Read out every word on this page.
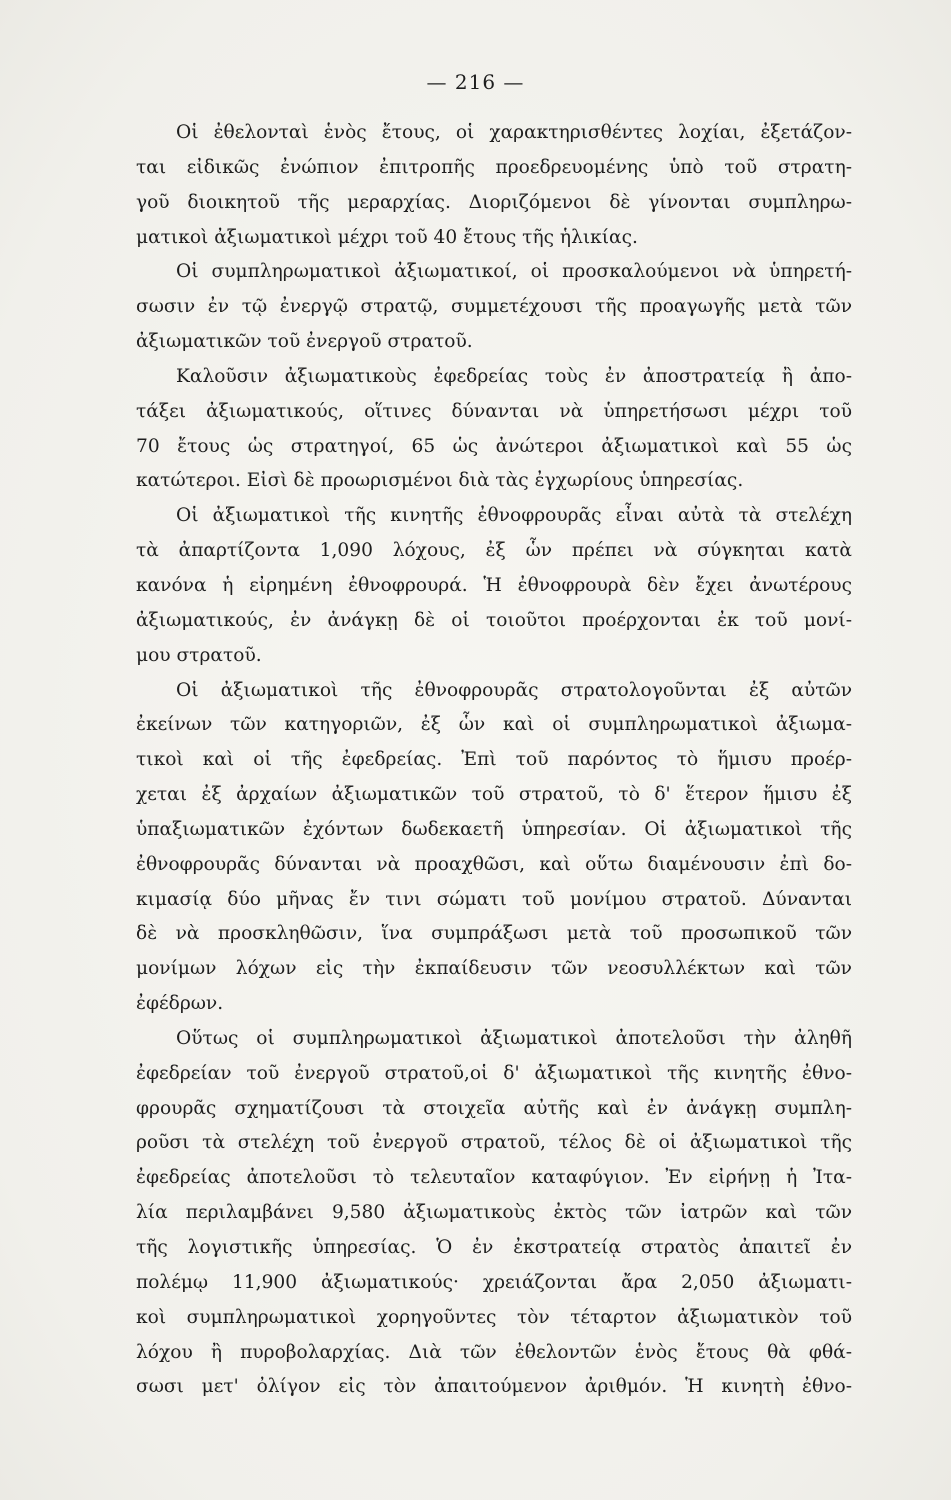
— 216 —
Οἱ ἐθελονταὶ ἑνὸς ἔτους, οἱ χαρακτηρισθέντες λοχίαι, ἐξετάζον-
ται εἰδικῶς ἐνώπιον ἐπιτροπῆς προεδρευομένης ὑπὸ τοῦ στρατη-
γοῦ διοικητοῦ τῆς μεραρχίας. Διοριζόμενοι δὲ γίνονται συμπληρω-
ματικοὶ ἀξιωματικοὶ μέχρι τοῦ 40 ἔτους τῆς ἡλικίας.
Οἱ συμπληρωματικοὶ ἀξιωματικοί, οἱ προσκαλούμενοι νὰ ὑπηρετή-
σωσιν ἐν τῷ ἐνεργῷ στρατῷ, συμμετέχουσι τῆς προαγωγῆς μετὰ τῶν
ἀξιωματικῶν τοῦ ἐνεργοῦ στρατοῦ.
Καλοῦσιν ἀξιωματικοὺς ἐφεδρείας τοὺς ἐν ἀποστρατείᾳ ἢ ἀπο-
τάξει ἀξιωματικούς, οἵτινες δύνανται νὰ ὑπηρετήσωσι μέχρι τοῦ
70 ἔτους ὡς στρατηγοί, 65 ὡς ἀνώτεροι ἀξιωματικοὶ καὶ 55 ὡς
κατώτεροι. Εἰσὶ δὲ προωρισμένοι διὰ τὰς ἐγχωρίους ὑπηρεσίας.
Οἱ ἀξιωματικοὶ τῆς κινητῆς ἐθνοφρουρᾶς εἶναι αὐτὰ τὰ στελέχη
τὰ ἀπαρτίζοντα 1,090 λόχους, ἐξ ὧν πρέπει νὰ σύγκηται κατὰ
κανόνα ἡ εἰρημένη ἐθνοφρουρά. Ἡ ἐθνοφρουρὰ δὲν ἔχει ἀνωτέρους
ἀξιωματικούς, ἐν ἀνάγκῃ δὲ οἱ τοιοῦτοι προέρχονται ἐκ τοῦ μονί-
μου στρατοῦ.
Οἱ ἀξιωματικοὶ τῆς ἐθνοφρουρᾶς στρατολογοῦνται ἐξ αὐτῶν
ἐκείνων τῶν κατηγοριῶν, ἐξ ὧν καὶ οἱ συμπληρωματικοὶ ἀξιωμα-
τικοὶ καὶ οἱ τῆς ἐφεδρείας. Ἐπὶ τοῦ παρόντος τὸ ἥμισυ προέρ-
χεται ἐξ ἀρχαίων ἀξιωματικῶν τοῦ στρατοῦ, τὸ δ' ἕτερον ἥμισυ ἐξ
ὑπαξιωματικῶν ἐχόντων δωδεκαετῆ ὑπηρεσίαν. Οἱ ἀξιωματικοὶ τῆς
ἐθνοφρουρᾶς δύνανται νὰ προαχθῶσι, καὶ οὕτω διαμένουσιν ἐπὶ δο-
κιμασίᾳ δύο μῆνας ἔν τινι σώματι τοῦ μονίμου στρατοῦ. Δύνανται
δὲ νὰ προσκληθῶσιν, ἵνα συμπράξωσι μετὰ τοῦ προσωπικοῦ τῶν
μονίμων λόχων εἰς τὴν ἐκπαίδευσιν τῶν νεοσυλλέκτων καὶ τῶν
ἐφέδρων.
Οὕτως οἱ συμπληρωματικοὶ ἀξιωματικοὶ ἀποτελοῦσι τὴν ἀληθῆ
ἐφεδρείαν τοῦ ἐνεργοῦ στρατοῦ,οἱ δ' ἀξιωματικοὶ τῆς κινητῆς ἐθνο-
φρουρᾶς σχηματίζουσι τὰ στοιχεῖα αὐτῆς καὶ ἐν ἀνάγκῃ συμπλη-
ροῦσι τὰ στελέχη τοῦ ἐνεργοῦ στρατοῦ, τέλος δὲ οἱ ἀξιωματικοὶ τῆς
ἐφεδρείας ἀποτελοῦσι τὸ τελευταῖον καταφύγιον. Ἐν εἰρήνῃ ἡ Ἰτα-
λία περιλαμβάνει 9,580 ἀξιωματικοὺς ἐκτὸς τῶν ἰατρῶν καὶ τῶν
τῆς λογιστικῆς ὑπηρεσίας. Ὁ ἐν ἐκστρατείᾳ στρατὸς ἀπαιτεῖ ἐν
πολέμῳ 11,900 ἀξιωματικούς· χρειάζονται ἄρα 2,050 ἀξιωματι-
κοὶ συμπληρωματικοὶ χορηγοῦντες τὸν τέταρτον ἀξιωματικὸν τοῦ
λόχου ἢ πυροβολαρχίας. Διὰ τῶν ἐθελοντῶν ἑνὸς ἔτους θὰ φθά-
σωσι μετ' ὀλίγον εἰς τὸν ἀπαιτούμενον ἀριθμόν. Ἡ κινητὴ ἐθνο-
